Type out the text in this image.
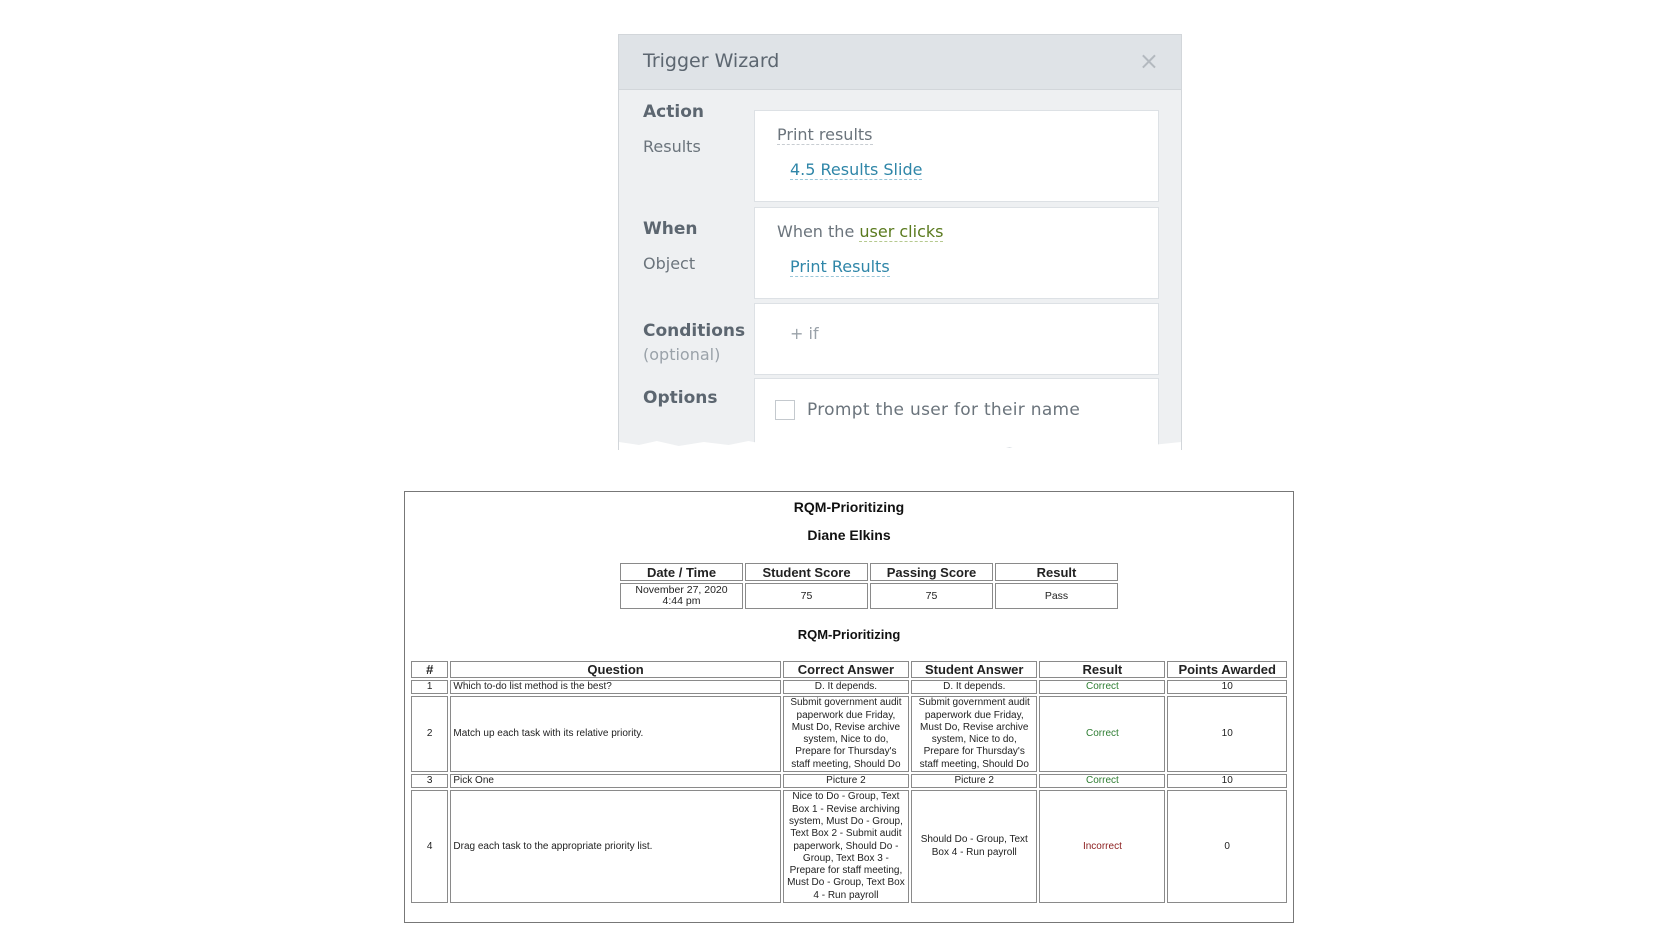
Trigger Wizard	×
Action
Results
Print results
4.5 Results Slide
When
Object
When the user clicks
Print Results
Conditions
(optional)
+ if
Options
Prompt the user for their name
RQM-Prioritizing
Diane Elkins
Date / Time	Student Score	Passing Score	Result

November 27, 2020
4:44 pm	75	75	Pass
RQM-Prioritizing
#	Question	Correct Answer	Student Answer	Result	Points Awarded
1	Which to-do list method is the best?	D. It depends.	D. It depends.	Correct	10
2	Match up each task with its relative priority.	Submit government audit paperwork due Friday, Must Do, Revise archive system, Nice to do, Prepare for Thursday's staff meeting, Should Do	Submit government audit paperwork due Friday, Must Do, Revise archive system, Nice to do, Prepare for Thursday's staff meeting, Should Do	Correct	10
3	Pick One	Picture 2	Picture 2	Correct	10
4	Drag each task to the appropriate priority list.	Nice to Do - Group, Text Box 1 - Revise archiving system, Must Do - Group, Text Box 2 - Submit audit paperwork, Should Do - Group, Text Box 3 - Prepare for staff meeting, Must Do - Group, Text Box 4 - Run payroll	Should Do - Group, Text Box 4 - Run payroll	Incorrect	0
